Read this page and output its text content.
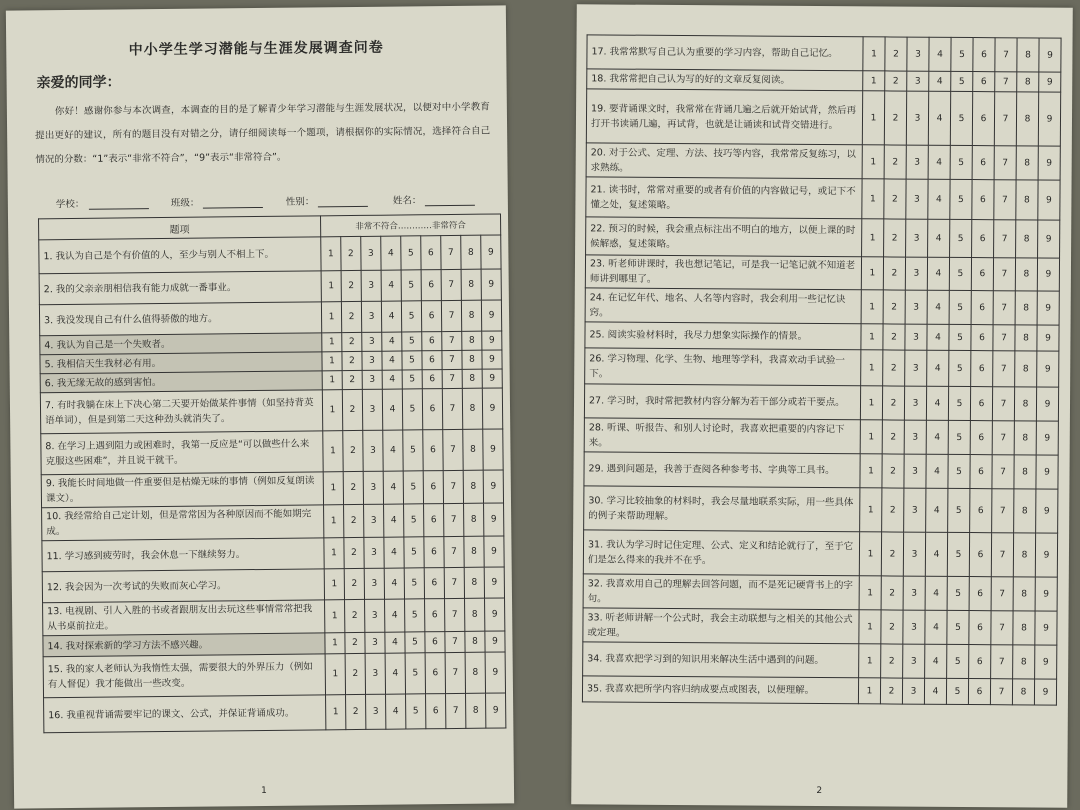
中小学生学习潜能与生涯发展调查问卷
亲爱的同学：
你好！感谢你参与本次调查，本调查的目的是了解青少年学习潜能与生涯发展状况，以便对中小学教育提出更好的建议，所有的题目没有对错之分，请仔细阅读每一个题项，请根据你的实际情况，选择符合自己情况的分数：“1”表示“非常不符合”，“9”表示“非常符合”。
学校：	班级：	性别：	姓名：
题项	非常不符合…………非常符合								
1. 我认为自己是个有价值的人，至少与别人不相上下。	1	2	3	4	5	6	7	8	9
2. 我的父亲亲朋相信我有能力成就一番事业。	1	2	3	4	5	6	7	8	9
3. 我没发现自己有什么值得骄傲的地方。	1	2	3	4	5	6	7	8	9
4. 我认为自己是一个失败者。	1	2	3	4	5	6	7	8	9
5. 我相信天生我材必有用。	1	2	3	4	5	6	7	8	9
6. 我无缘无故的感到害怕。	1	2	3	4	5	6	7	8	9
7. 有时我躺在床上下决心第二天要开始做某件事情（如坚持背英语单词），但是到第二天这种劲头就消失了。	1	2	3	4	5	6	7	8	9
8. 在学习上遇到阻力或困难时，我第一反应是“可以做些什么来克服这些困难”，并且说干就干。	1	2	3	4	5	6	7	8	9
9. 我能长时间地做一件重要但是枯燥无味的事情（例如反复朗读课文）。	1	2	3	4	5	6	7	8	9
10. 我经常给自己定计划，但是常常因为各种原因而不能如期完成。	1	2	3	4	5	6	7	8	9
11. 学习感到疲劳时，我会休息一下继续努力。	1	2	3	4	5	6	7	8	9
12. 我会因为一次考试的失败而灰心学习。	1	2	3	4	5	6	7	8	9
13. 电视剧、引人入胜的书或者跟朋友出去玩这些事情常常把我从书桌前拉走。	1	2	3	4	5	6	7	8	9
14. 我对探索新的学习方法不感兴趣。	1	2	3	4	5	6	7	8	9
15. 我的家人老师认为我惰性太强，需要很大的外界压力（例如有人督促）我才能做出一些改变。	1	2	3	4	5	6	7	8	9
16. 我重视背诵需要牢记的课文、公式，并保证背诵成功。	1	2	3	4	5	6	7	8	9
1
17. 我常常默写自己认为重要的学习内容，帮助自己记忆。	1	2	3	4	5	6	7	8	9
18. 我常常把自己认为写的好的文章反复阅读。	1	2	3	4	5	6	7	8	9
19. 要背诵课文时，我常常在背诵几遍之后就开始试背，然后再打开书读诵几遍，再试背，也就是让诵读和试背交错进行。	1	2	3	4	5	6	7	8	9
20. 对于公式、定理、方法、技巧等内容，我常常反复练习，以求熟练。	1	2	3	4	5	6	7	8	9
21. 读书时，常常对重要的或者有价值的内容做记号，或记下不懂之处，复述策略。	1	2	3	4	5	6	7	8	9
22. 预习的时候，我会重点标注出不明白的地方，以便上课的时候解惑，复述策略。	1	2	3	4	5	6	7	8	9
23. 听老师讲课时，我也想记笔记，可是我一记笔记就不知道老师讲到哪里了。	1	2	3	4	5	6	7	8	9
24. 在记忆年代、地名、人名等内容时，我会利用一些记忆诀窍。	1	2	3	4	5	6	7	8	9
25. 阅读实验材料时，我尽力想象实际操作的情景。	1	2	3	4	5	6	7	8	9
26. 学习物理、化学、生物、地理等学科，我喜欢动手试验一下。	1	2	3	4	5	6	7	8	9
27. 学习时，我时常把教材内容分解为若干部分或若干要点。	1	2	3	4	5	6	7	8	9
28. 听课、听报告、和别人讨论时，我喜欢把重要的内容记下来。	1	2	3	4	5	6	7	8	9
29. 遇到问题是，我善于查阅各种参考书、字典等工具书。	1	2	3	4	5	6	7	8	9
30. 学习比较抽象的材料时，我会尽量地联系实际，用一些具体的例子来帮助理解。	1	2	3	4	5	6	7	8	9
31. 我认为学习时记住定理、公式、定义和结论就行了，至于它们是怎么得来的我并不在乎。	1	2	3	4	5	6	7	8	9
32. 我喜欢用自己的理解去回答问题，而不是死记硬背书上的字句。	1	2	3	4	5	6	7	8	9
33. 听老师讲解一个公式时，我会主动联想与之相关的其他公式或定理。	1	2	3	4	5	6	7	8	9
34. 我喜欢把学习到的知识用来解决生活中遇到的问题。	1	2	3	4	5	6	7	8	9
35. 我喜欢把所学内容归纳成要点或图表，以便理解。	1	2	3	4	5	6	7	8	9
2
